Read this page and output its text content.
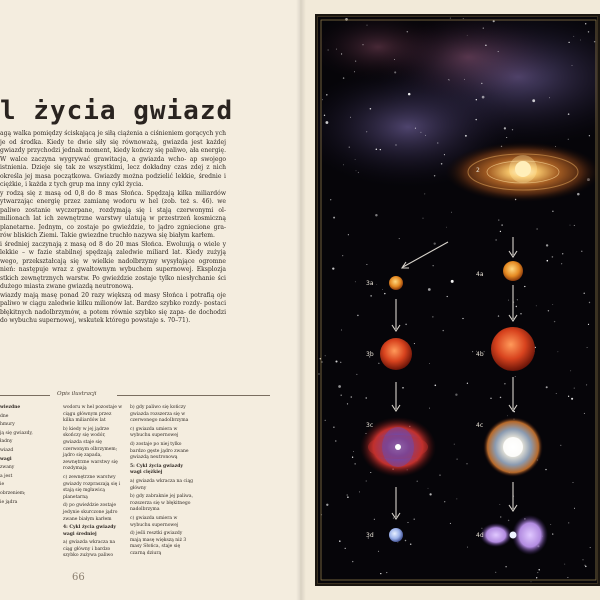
l życia gwiazd

agą walka pomiędzy ściskającą je siłą ciążenia a ciśnieniem gorących ych je od środka. Kiedy te dwie siły się równoważą, gwiazda jest każdej gwiazdy przychodzi jednak moment, kiedy kończy się paliwo, ała energię. W walce zaczyna wygrywać grawitacja, a gwiazda wcho- ap swojego istnienia. Dzieje się tak ze wszystkimi, lecz dokładny czas zdej z nich określa jej masa początkowa. Gwiazdy można podzielić lekkie, średnie i ciężkie, i każda z tych grup ma inny cykl życia.

y rodzą się z masą od 0,8 do 8 mas Słońca. Spędzają kilka miliardów ytwarzając energię przez zamianę wodoru w hel (zob. też s. 46). we paliwo zostanie wyczerpane, rozdymają się i stają czerwonymi ol- milionach lat ich zewnętrzne warstwy ulatują w przestrzeń kosmiczną planetarne. Jednym, co zostaje po gwieździe, to jądro zgniecione gra- rów bliskich Ziemi. Takie gwiezdne truchło nazywa się białym karłem.

i średniej zaczynają z masą od 8 do 20 mas Słońca. Ewoluują o wiele y lekkie – w fazie stabilnej spędzają zaledwie miliard lat. Kiedy zużyją wego, przekształcają się w wielkie nadolbrzymy wysyłające ogromne nień: następuje wraz z gwałtownym wybuchem supernowej. Eksplozja stkich zewnętrznych warstw. Po gwieździe zostaje tylko niesłychanie ści dużego miasta zwane gwiazdą neutronową.

wiazdy mają masę ponad 20 razy większą od masy Słońca i potrafią oje paliwo w ciągu zaledwie kilku milionów lat. Bardzo szybko rozdy- postaci błękitnych nadolbrzymów, a potem równie szybko się zapa- de dochodzi do wybuchu supernowej, wskutek którego powstaje s. 70–71).

Opis ilustracji

wiezdne

dne

hmury

ją się gwiazdy,

ładny

wiazd

wagi

zwany

a jest

ie

obrzeniem;

ie jądra

wodoru w hel pozostaje w ciągu głównym przez kilka miliardów lat

b) kiedy w jej jądrze skończy się wodór, gwiazda staje się czerwonym olbrzymem; jądro się zapada, zewnętrzne warstwy się rozdymają

c) zewnętrzne warstwy gwiazdy rozpraszają się i stają się mgławicą planetarną

d) po gwieździe zostaje jedynie skurczone jądro zwane białym karłem

4: Cykl życia gwiazdy wagi średniej

a) gwiazda wkracza na ciąg główny i bardzo szybko zużywa paliwo

b) gdy paliwo się kończy gwiazda rozszerza się w czerwonego nadolbrzyma

c) gwiazda umiera w wybuchu supernowej

d) zostaje po niej tylko bardzo gęste jądro zwane gwiazdą neutronową

5: Cykl życia gwiazdy wagi ciężkiej

a) gwiazda wkracza na ciąg główny

b) gdy zabraknie jej paliwa, rozszerza się w błękitnego nadolbrzyma

c) gwiazda umiera w wybuchu supernowej

d) jeśli resztki gwiazdy mają masę większą niż 3 masy Słońca, staje się czarną dziurą

66
2
3a
3b
3c
3d
4a
4b
4c
4d
